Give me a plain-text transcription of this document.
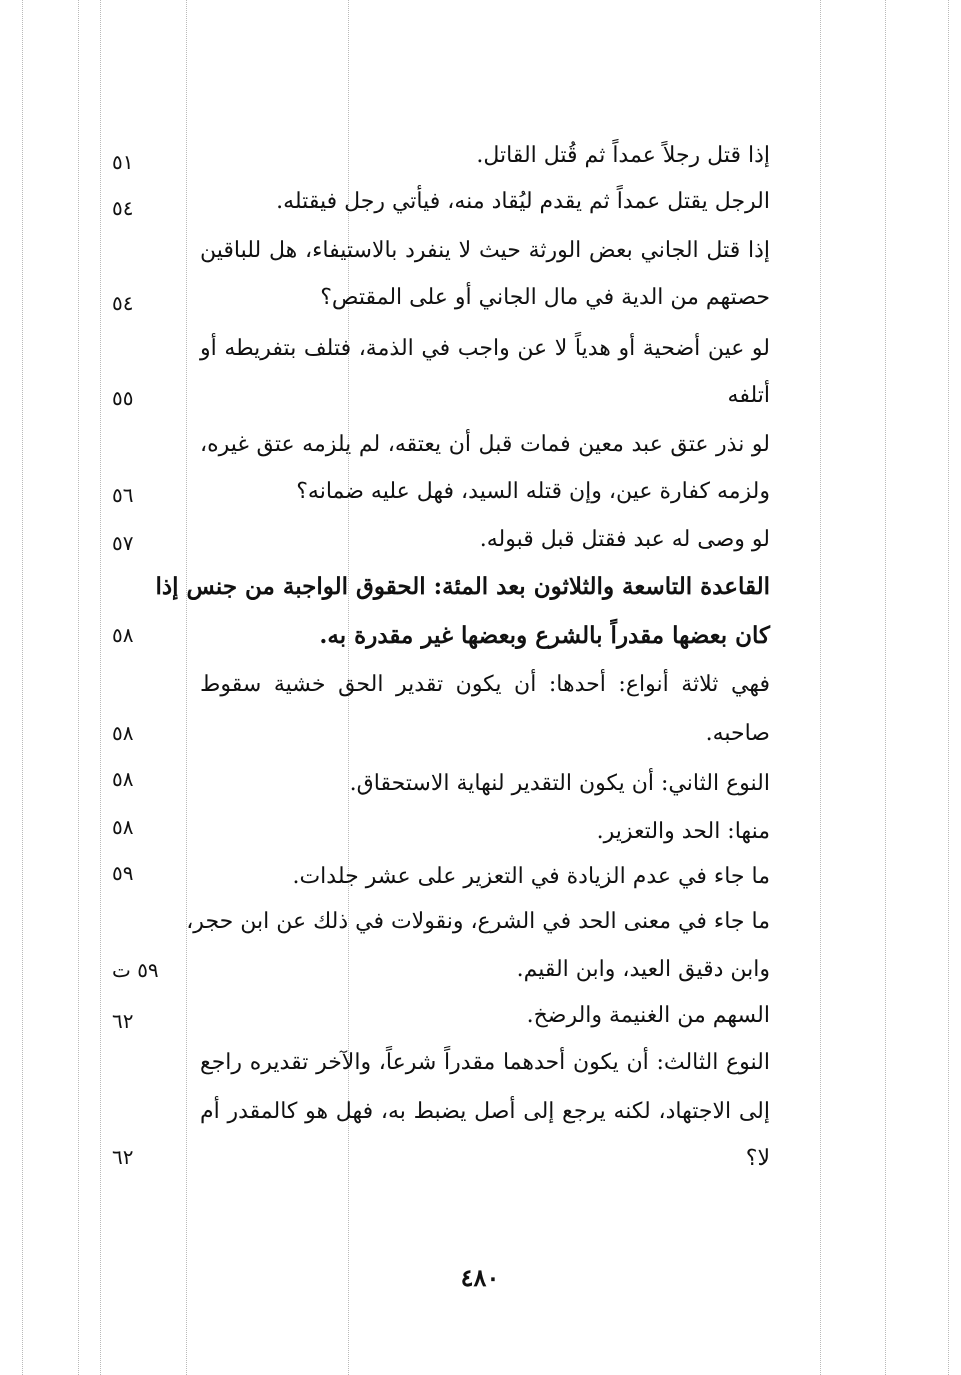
إذا قتل رجلاً عمداً ثم قُتل القاتل.
٥١
الرجل يقتل عمداً ثم يقدم ليُقاد منه، فيأتي رجل فيقتله.
٥٤
إذا قتل الجاني بعض الورثة حيث لا ينفرد بالاستيفاء، هل للباقين
حصتهم من الدية في مال الجاني أو على المقتص؟
٥٤
لو عين أضحية أو هدياً لا عن واجب في الذمة، فتلف بتفريطه أو
أتلفه
٥٥
لو نذر عتق عبد معين فمات قبل أن يعتقه، لم يلزمه عتق غيره،
ولزمه كفارة عين، وإن قتله السيد، فهل عليه ضمانه؟
٥٦
لو وصى له عبد فقتل قبل قبوله.
٥٧
القاعدة التاسعة والثلاثون بعد المئة: الحقوق الواجبة من جنس إذا
كان بعضها مقدراً بالشرع وبعضها غير مقدرة به.
٥٨
فهي ثلاثة أنواع: أحدها: أن يكون تقدير الحق خشية سقوط
صاحبه.
٥٨
النوع الثاني: أن يكون التقدير لنهاية الاستحقاق.
٥٨
منها: الحد والتعزير.
٥٨
ما جاء في عدم الزيادة في التعزير على عشر جلدات.
٥٩
ما جاء في معنى الحد في الشرع، ونقولات في ذلك عن ابن حجر،
وابن دقيق العيد، وابن القيم.
٥٩ ت
السهم من الغنيمة والرضخ.
٦٢
النوع الثالث: أن يكون أحدهما مقدراً شرعاً، والآخر تقديره راجع
إلى الاجتهاد، لكنه يرجع إلى أصل يضبط به، فهل هو كالمقدر أم
لا؟
٦٢
٤٨٠
